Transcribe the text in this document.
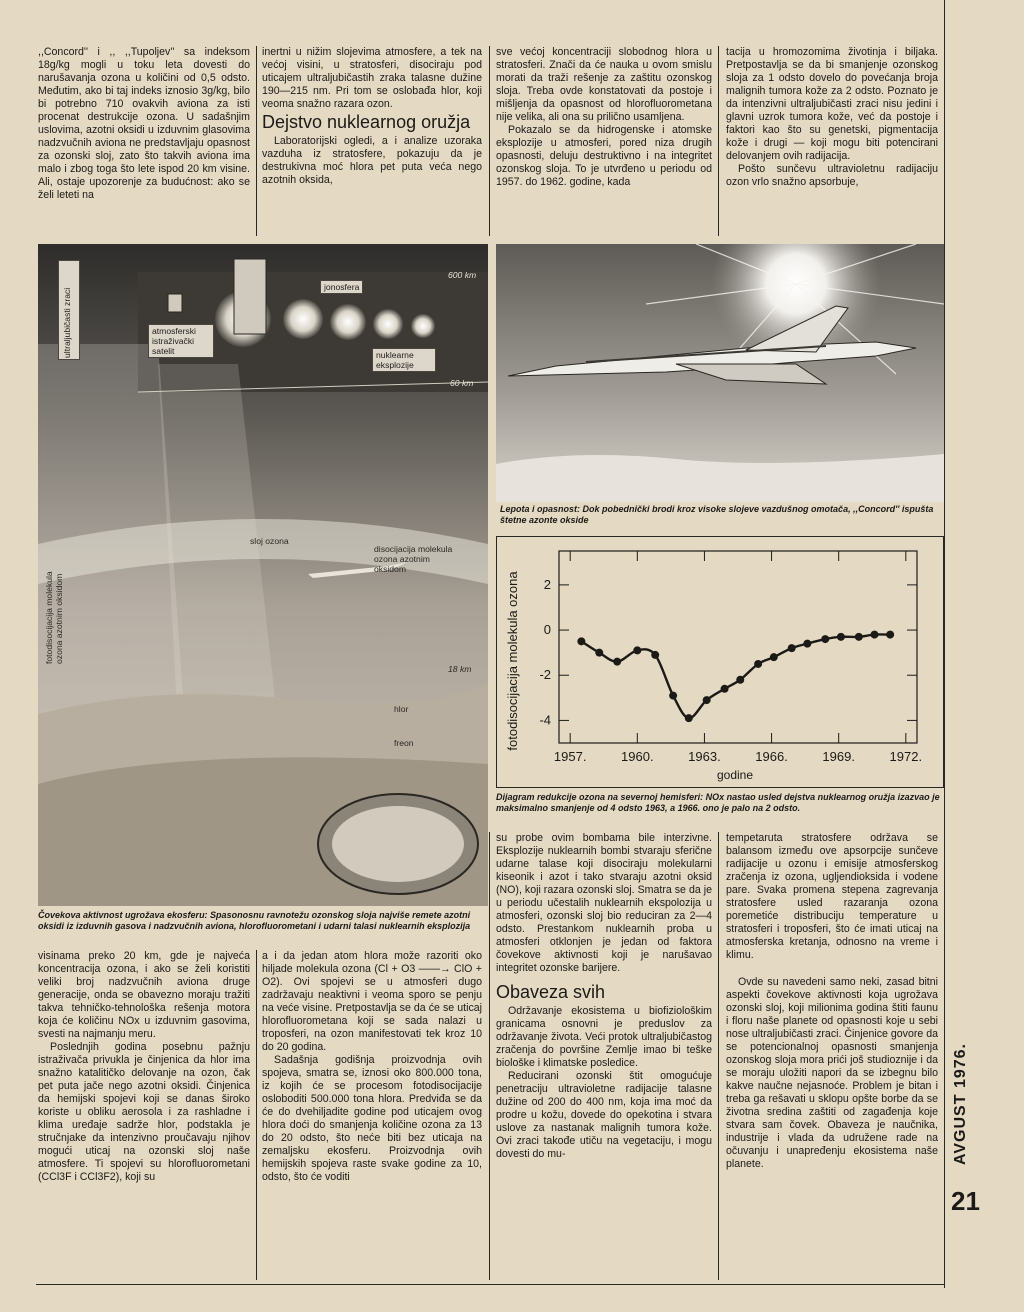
,,Concord'' i ,, ,,Tupoljev'' sa indeksom 18g/kg mogli u toku leta dovesti do narušavanja ozona u količini od 0,5 odsto. Međutim, ako bi taj indeks iznosio 3g/kg, bilo bi potrebno 710 ovakvih aviona za isti procenat destrukcije ozona. U sadašnjim uslovima, azotni oksidi u izduvnim glasovima nadzvučnih aviona ne predstavljaju opasnost za ozonski sloj, zato što takvih aviona ima malo i zbog toga što lete ispod 20 km visine. Ali, ostaje upozorenje za budućnost: ako se želi leteti na

inertni u nižim slojevima atmosfere, a tek na većoj visini, u stratosferi, disociraju pod uticajem ultraljubičastih zraka talasne dužine 190—215 nm. Pri tom se oslobađa hlor, koji veoma snažno razara ozon.

Dejstvo nuklearnog oružja

Laboratorijski ogledi, a i analize uzoraka vazduha iz stratosfere, pokazuju da je destrukivna moć hlora pet puta veća nego azotnih oksida,

sve većoj koncentraciji slobodnog hlora u stratosferi. Znači da će nauka u ovom smislu morati da traži rešenje za zaštitu ozonskog sloja. Treba ovde konstatovati da postoje i mišljenja da opasnost od hlorofluorometana nije velika, ali ona su prilično usamljena.

Pokazalo se da hidrogenske i atomske eksplozije u atmosferi, pored niza drugih opasnosti, deluju destruktivno i na integritet ozonskog sloja. To je utvrđeno u periodu od 1957. do 1962. godine, kada

tacija u hromozomima životinja i biljaka. Pretpostavlja se da bi smanjenje ozonskog sloja za 1 odsto dovelo do povećanja broja malignih tumora kože za 2 odsto. Poznato je da intenzivni ultraljubičasti zraci nisu jedini i glavni uzrok tumora kože, već da postoje i faktori kao što su genetski, pigmentacija kože i drugi — koji mogu biti potencirani delovanjem ovih radijacija.

Pošto sunčevu ultravioletnu radijaciju ozon vrlo snažno apsorbuje,

ultraljubičasti zraci
jonosfera
600 km
atmosferski istraživački satelit	nuklearne eksplozije
60 km
sloj ozona
disocijacija molekula ozona azotnim oksidom
fotodisocijacija molekula ozona azotnim oksidom
18 km
hlor
freon
Čovekova aktivnost ugrožava ekosferu: Spasonosnu ravnotežu ozonskog sloja najviše remete azotni oksidi iz izduvnih gasova i nadzvučnih aviona, hlorofluorometani i udarni talasi nuklearnih eksplozija
Lepota i opasnost: Dok pobednički brodi kroz visoke slojeve vazdušnog omotača, ,,Concord'' ispušta štetne azonte okside
fotodisocijacija molekula ozona
godine
2
0
-2
-4
1957.	1960.	1963.	1966.	1969.	1972.
Dijagram redukcije ozona na severnoj hemisferi: NOx nastao usled dejstva nuklearnog oružja izazvao je maksimalno smanjenje od 4 odsto 1963, a 1966. ono je palo na 2 odsto.

visinama preko 20 km, gde je najveća koncentracija ozona, i ako se želi koristiti veliki broj nadzvučnih aviona druge generacije, onda se obavezno moraju tražiti takva tehničko-tehnološka rešenja motora koja će količinu NOx u izduvnim gasovima, svesti na najmanju meru.

Poslednjih godina posebnu pažnju istraživača privukla je činjenica da hlor ima snažno katalitičko delovanje na ozon, čak pet puta jače nego azotni oksidi. Činjenica da hemijski spojevi koji se danas široko koriste u obliku aerosola i za rashladne i klima uređaje sadrže hlor, podstakla je stručnjake da intenzivno proučavaju njihov mogući uticaj na ozonski sloj naše atmosfere. Ti spojevi su hlorofluorometani (CCl3F i CCl3F2), koji su

a i da jedan atom hlora može razoriti oko hiljade molekula ozona (Cl + O3 ——→ ClO + O2). Ovi spojevi se u atmosferi dugo zadržavaju neaktivni i veoma sporo se penju na veće visine. Pretpostavlja se da će se uticaj hlorofluorometana koji se sada nalazi u troposferi, na ozon manifestovati tek kroz 10 do 20 godina.

Sadašnja godišnja proizvodnja ovih spojeva, smatra se, iznosi oko 800.000 tona, iz kojih će se procesom fotodisocijacije osloboditi 500.000 tona hlora. Predviđa se da će do dvehiljadite godine pod uticajem ovog hlora doći do smanjenja količine ozona za 13 do 20 odsto, što neće biti bez uticaja na zemaljsku ekosferu. Proizvodnja ovih hemijskih spojeva raste svake godine za 10, odsto, što će voditi

su probe ovim bombama bile interzivne. Eksplozije nuklearnih bombi stvaraju sferične udarne talase koji disociraju molekularni kiseonik i azot i tako stvaraju azotni oksid (NO), koji razara ozonski sloj. Smatra se da je u periodu učestalih nuklearnih ekspolozija u atmosferi, ozonski sloj bio reduciran za 2—4 odsto. Prestankom nuklearnih proba u atmosferi otklonjen je jedan od faktora čovekove aktivnosti koji je narušavao integritet ozonske barijere.

Obaveza svih

Održavanje ekosistema u biofiziološkim granicama osnovni je preduslov za održavanje života. Veći protok ultraljubičastog zračenja do površine Zemlje imao bi teške biološke i klimatske posledice.

Reducirani ozonski štit omogućuje penetraciju ultravioletne radijacije talasne dužine od 200 do 400 nm, koja ima moć da prodre u kožu, dovede do opekotina i stvara uslove za nastanak malignih tumora kože. Ovi zraci takođe utiču na vegetaciju, i mogu dovesti do mu-

tempetaruta stratosfere održava se balansom između ove apsorpcije sunčeve radijacije u ozonu i emisije atmosferskog zračenja iz ozona, ugljendioksida i vodene pare. Svaka promena stepena zagrevanja stratosfere usled razaranja ozona poremetiće distribuciju temperature u stratosferi i troposferi, što će imati uticaj na atmosferska kretanja, odnosno na vreme i klimu.

Ovde su navedeni samo neki, zasad bitni aspekti čovekove aktivnosti koja ugrožava ozonski sloj, koji milionima godina štiti faunu i floru naše planete od opasnosti koje u sebi nose ultraljubičasti zraci. Činjenice govore da se potencionalnoj opasnosti smanjenja ozonskog sloja mora prići još studioznije i da se moraju uložiti napori da se izbegnu bilo kakve naučne nejasnoće. Problem je bitan i treba ga rešavati u sklopu opšte borbe da se životna sredina zaštiti od zagađenja koje stvara sam čovek. Obaveza je naučnika, industrije i vlada da udružene rade na očuvanju i unapređenju ekosistema naše planete.	AVGUST 1976.
21
